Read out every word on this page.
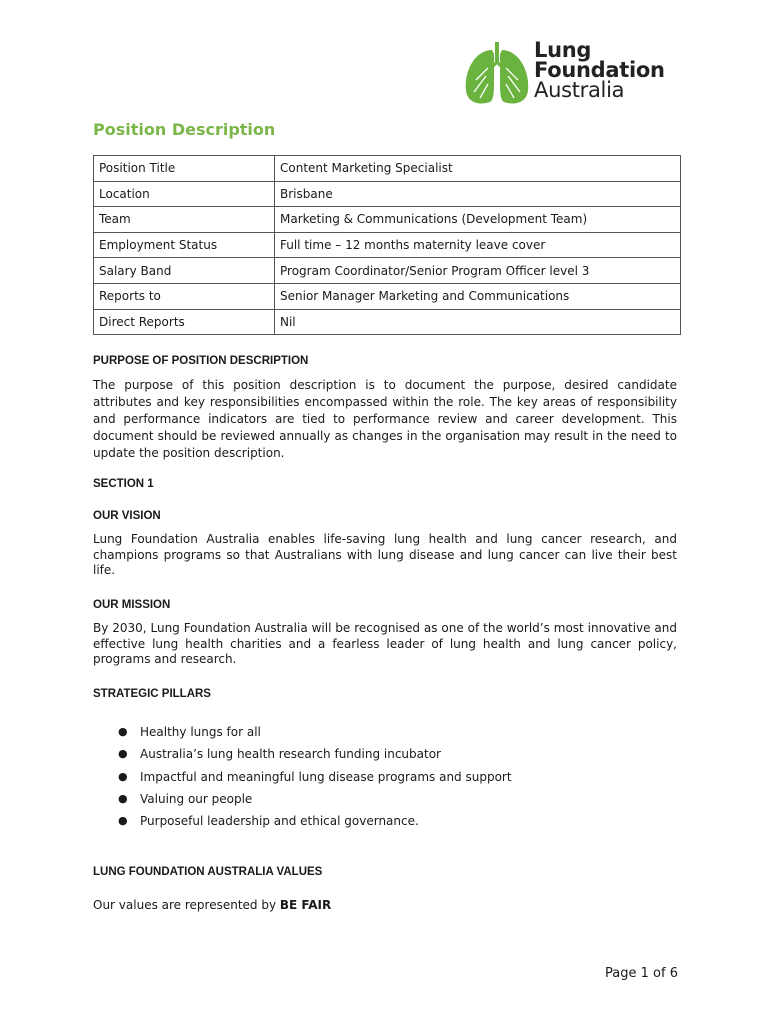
Lung
Foundation
Australia
Position Description
Position Title	Content Marketing Specialist
Location	Brisbane
Team	Marketing & Communications (Development Team)
Employment Status	Full time – 12 months maternity leave cover
Salary Band	Program Coordinator/Senior Program Officer level 3
Reports to	Senior Manager Marketing and Communications
Direct Reports	Nil
PURPOSE OF POSITION DESCRIPTION
The purpose of this position description is to document the purpose, desired candidate attributes and key responsibilities encompassed within the role. The key areas of responsibility and performance indicators are tied to performance review and career development. This document should be reviewed annually as changes in the organisation may result in the need to update the position description.
SECTION 1
OUR VISION
Lung Foundation Australia enables life-saving lung health and lung cancer research, and champions programs so that Australians with lung disease and lung cancer can live their best life.
OUR MISSION
By 2030, Lung Foundation Australia will be recognised as one of the world’s most innovative and effective lung health charities and a fearless leader of lung health and lung cancer policy, programs and research.
STRATEGIC PILLARS
● Healthy lungs for all
● Australia’s lung health research funding incubator
● Impactful and meaningful lung disease programs and support
● Valuing our people
● Purposeful leadership and ethical governance.
LUNG FOUNDATION AUSTRALIA VALUES
Our values are represented by BE FAIR
Page 1 of 6
